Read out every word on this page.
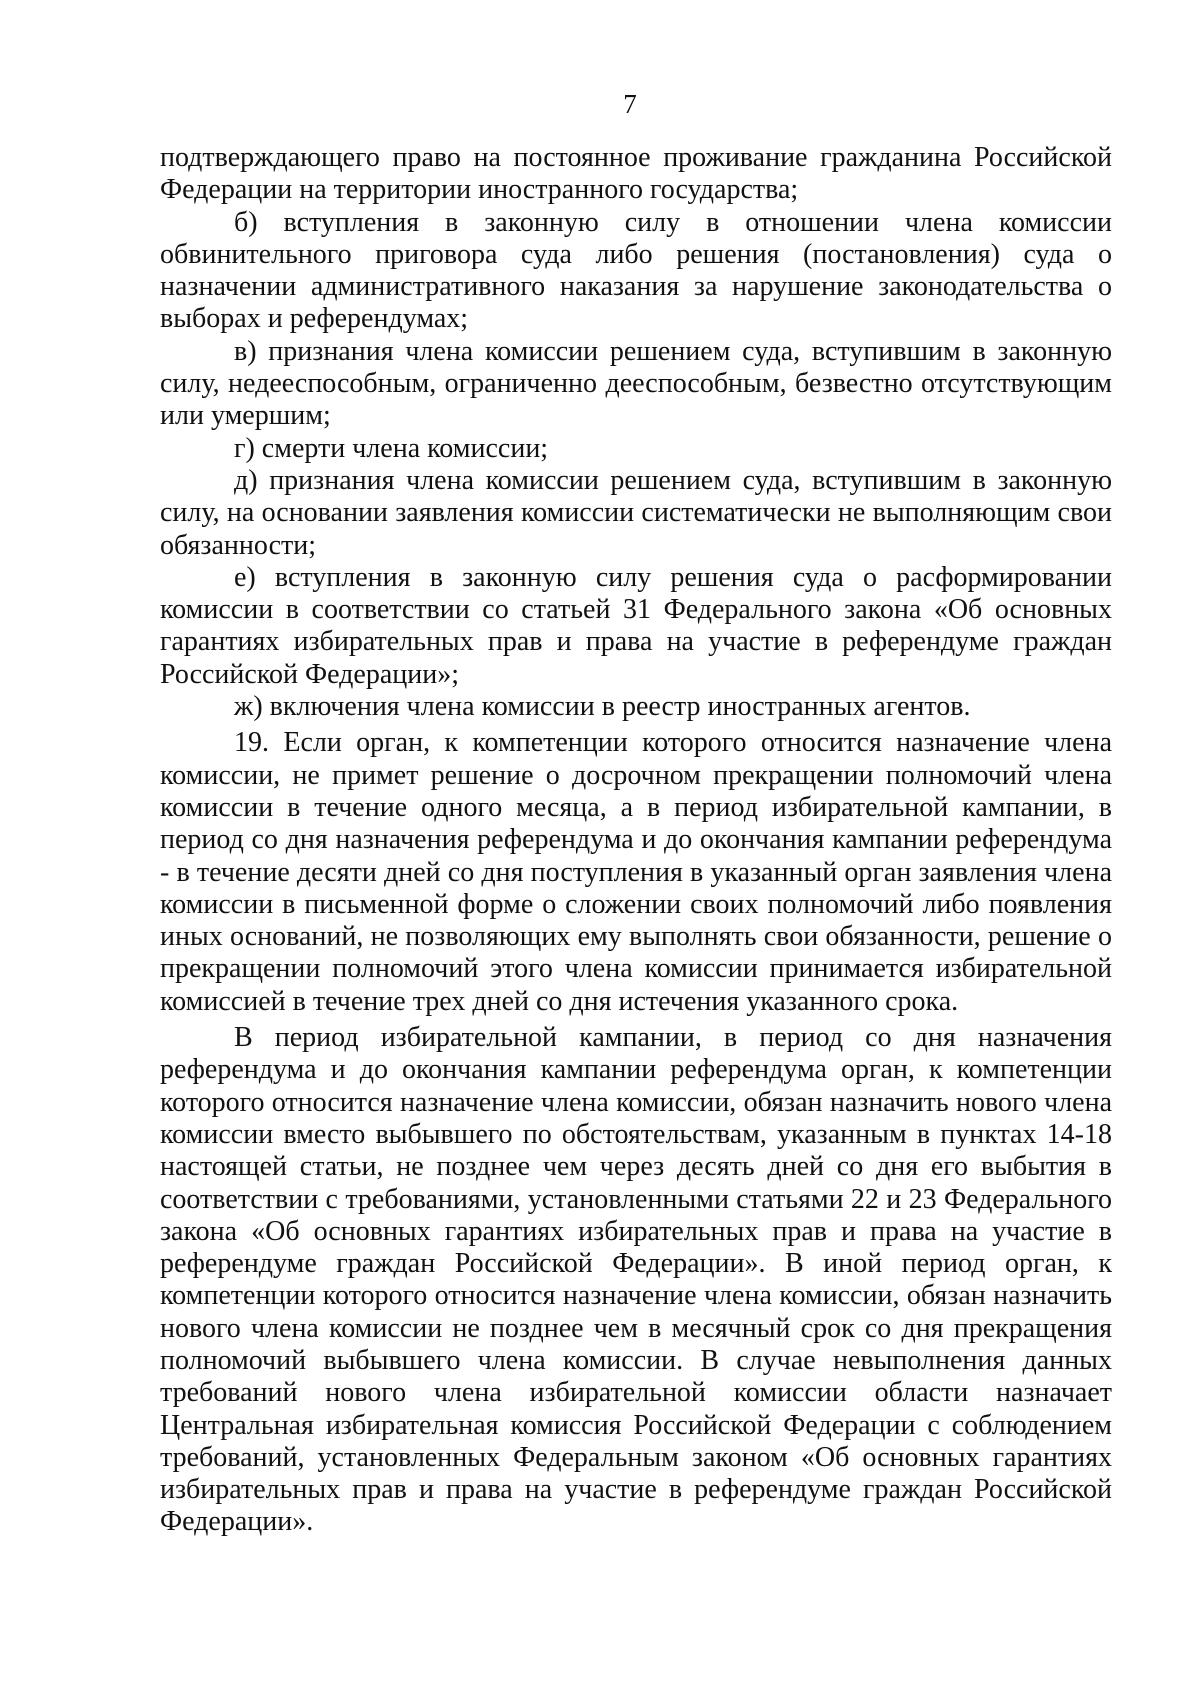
7

подтверждающего право на постоянное проживание гражданина Российской Федерации на территории иностранного государства;

б) вступления в законную силу в отношении члена комиссии обвинительного приговора суда либо решения (постановления) суда о назначении административного наказания за нарушение законодательства о выборах и референдумах;

в) признания члена комиссии решением суда, вступившим в законную силу, недееспособным, ограниченно дееспособным, безвестно отсутствующим или умершим;

г) смерти члена комиссии;

д) признания члена комиссии решением суда, вступившим в законную силу, на основании заявления комиссии систематически не выполняющим свои обязанности;

е) вступления в законную силу решения суда о расформировании комиссии в соответствии со статьей 31 Федерального закона «Об основных гарантиях избирательных прав и права на участие в референдуме граждан Российской Федерации»;

ж) включения члена комиссии в реестр иностранных агентов.

19. Если орган, к компетенции которого относится назначение члена комиссии, не примет решение о досрочном прекращении полномочий члена комиссии в течение одного месяца, а в период избирательной кампании, в период со дня назначения референдума и до окончания кампании референдума - в течение десяти дней со дня поступления в указанный орган заявления члена комиссии в письменной форме о сложении своих полномочий либо появления иных оснований, не позволяющих ему выполнять свои обязанности, решение о прекращении полномочий этого члена комиссии принимается избирательной комиссией в течение трех дней со дня истечения указанного срока.

В период избирательной кампании, в период со дня назначения референдума и до окончания кампании референдума орган, к компетенции которого относится назначение члена комиссии, обязан назначить нового члена комиссии вместо выбывшего по обстоятельствам, указанным в пунктах 14-18 настоящей статьи, не позднее чем через десять дней со дня его выбытия в соответствии с требованиями, установленными статьями 22 и 23 Федерального закона «Об основных гарантиях избирательных прав и права на участие в референдуме граждан Российской Федерации». В иной период орган, к компетенции которого относится назначение члена комиссии, обязан назначить нового члена комиссии не позднее чем в месячный срок со дня прекращения полномочий выбывшего члена комиссии. В случае невыполнения данных требований нового члена избирательной комиссии области назначает Центральная избирательная комиссия Российской Федерации с соблюдением требований, установленных Федеральным законом «Об основных гарантиях избирательных прав и права на участие в референдуме граждан Российской Федерации».
